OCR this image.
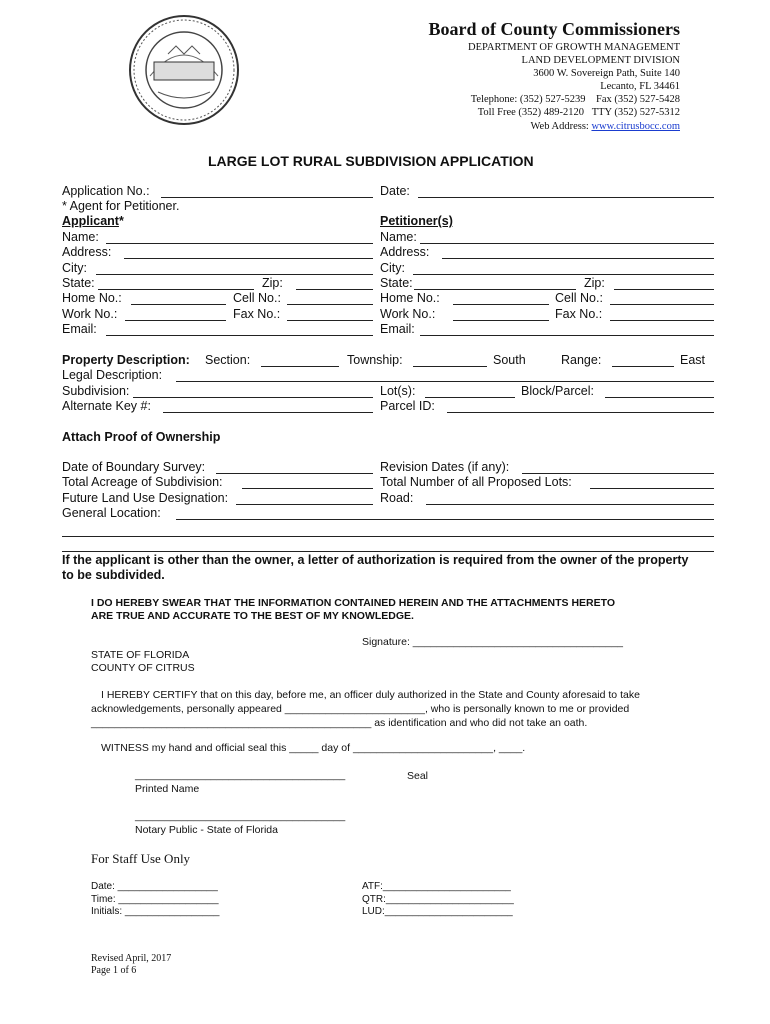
Board of County Commissioners
DEPARTMENT OF GROWTH MANAGEMENT
LAND DEVELOPMENT DIVISION
3600 W. Sovereign Path, Suite 140
Lecanto, FL 34461
Telephone: (352) 527-5239 Fax (352) 527-5428
Toll Free (352) 489-2120 TTY (352) 527-5312
Web Address: www.citrusbocc.com
LARGE LOT RURAL SUBDIVISION APPLICATION
Application No.:	Date:
* Agent for Petitioner.
Applicant*	Petitioner(s)
Name:	Name:
Address:	Address:
City:	City:
State:	Zip:	State:	Zip:
Home No.:	Cell No.:	Home No.:	Cell No.:
Work No.:	Fax No.:	Work No.:	Fax No.:
Email:	Email:
Property Description: Section:	Township:	South	Range:	East
Legal Description:
Subdivision:	Lot(s):	Block/Parcel:
Alternate Key #:	Parcel ID:
Attach Proof of Ownership
Date of Boundary Survey:	Revision Dates (if any):
Total Acreage of Subdivision:	Total Number of all Proposed Lots:
Future Land Use Designation:	Road:
General Location:
If the applicant is other than the owner, a letter of authorization is required from the owner of the property
to be subdivided.
I DO HEREBY SWEAR THAT THE INFORMATION CONTAINED HEREIN AND THE ATTACHMENTS HERETO
ARE TRUE AND ACCURATE TO THE BEST OF MY KNOWLEDGE.
Signature: ____________________________________
STATE OF FLORIDA
COUNTY OF CITRUS
I HEREBY CERTIFY that on this day, before me, an officer duly authorized in the State and County aforesaid to take
acknowledgements, personally appeared ________________________, who is personally known to me or provided
________________________________________________ as identification and who did not take an oath.
WITNESS my hand and official seal this _____ day of ________________________, ____.
____________________________________	Seal
Printed Name
____________________________________
Notary Public - State of Florida
For Staff Use Only
Date: __________________
Time: __________________
Initials: _________________
ATF:_______________________
QTR:_______________________
LUD:_______________________
Revised April, 2017
Page 1 of 6
